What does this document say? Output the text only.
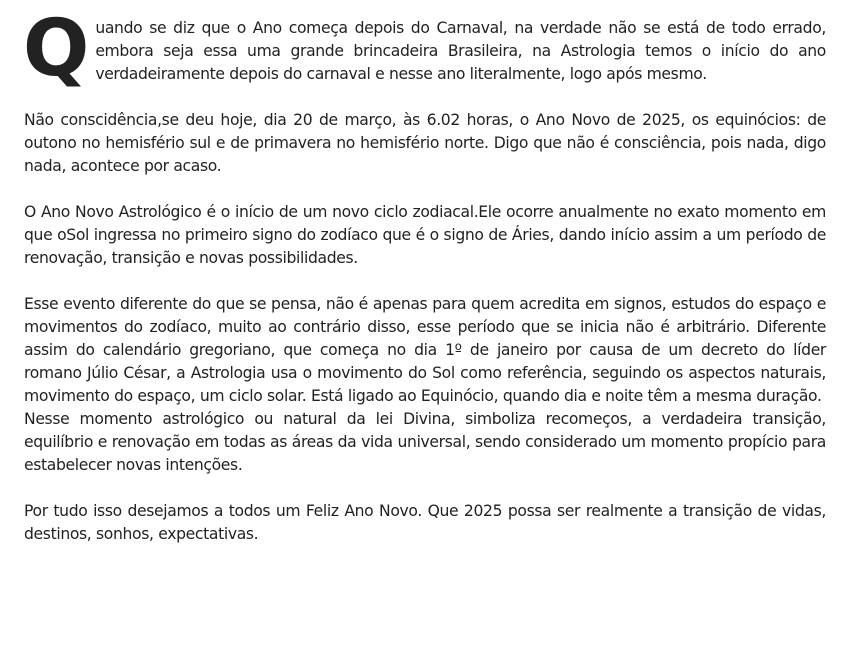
Q uando se diz que o Ano começa depois do Carnaval, na verdade não se está de todo errado, embora seja essa uma grande brincadeira Brasileira, na Astrologia temos o início do ano verdadeiramente depois do carnaval e nesse ano literalmente, logo após mesmo.

Não conscidência,se deu hoje, dia 20 de março, às 6.02 horas, o Ano Novo de 2025, os equinócios: de outono no hemisfério sul e de primavera no hemisfério norte. Digo que não é consciência, pois nada, digo nada, acontece por acaso.

O Ano Novo Astrológico é o início de um novo ciclo zodiacal.Ele ocorre anualmente no exato momento em que oSol ingressa no primeiro signo do zodíaco que é o signo de Áries, dando início assim a um período de renovação, transição e novas possibilidades.

Esse evento diferente do que se pensa, não é apenas para quem acredita em signos, estudos do espaço e movimentos do zodíaco, muito ao contrário disso, esse período que se inicia não é arbitrário. Diferente assim do calendário gregoriano, que começa no dia 1º de janeiro por causa de um decreto do líder romano Júlio César, a Astrologia usa o movimento do Sol como referência, seguindo os aspectos naturais, movimento do espaço, um ciclo solar. Está ligado ao Equinócio, quando dia e noite têm a mesma duração.

Nesse momento astrológico ou natural da lei Divina, simboliza recomeços, a verdadeira transição, equilíbrio e renovação em todas as áreas da vida universal, sendo considerado um momento propício para estabelecer novas intenções.

Por tudo isso desejamos a todos um Feliz Ano Novo. Que 2025 possa ser realmente a transição de vidas, destinos, sonhos, expectativas.
